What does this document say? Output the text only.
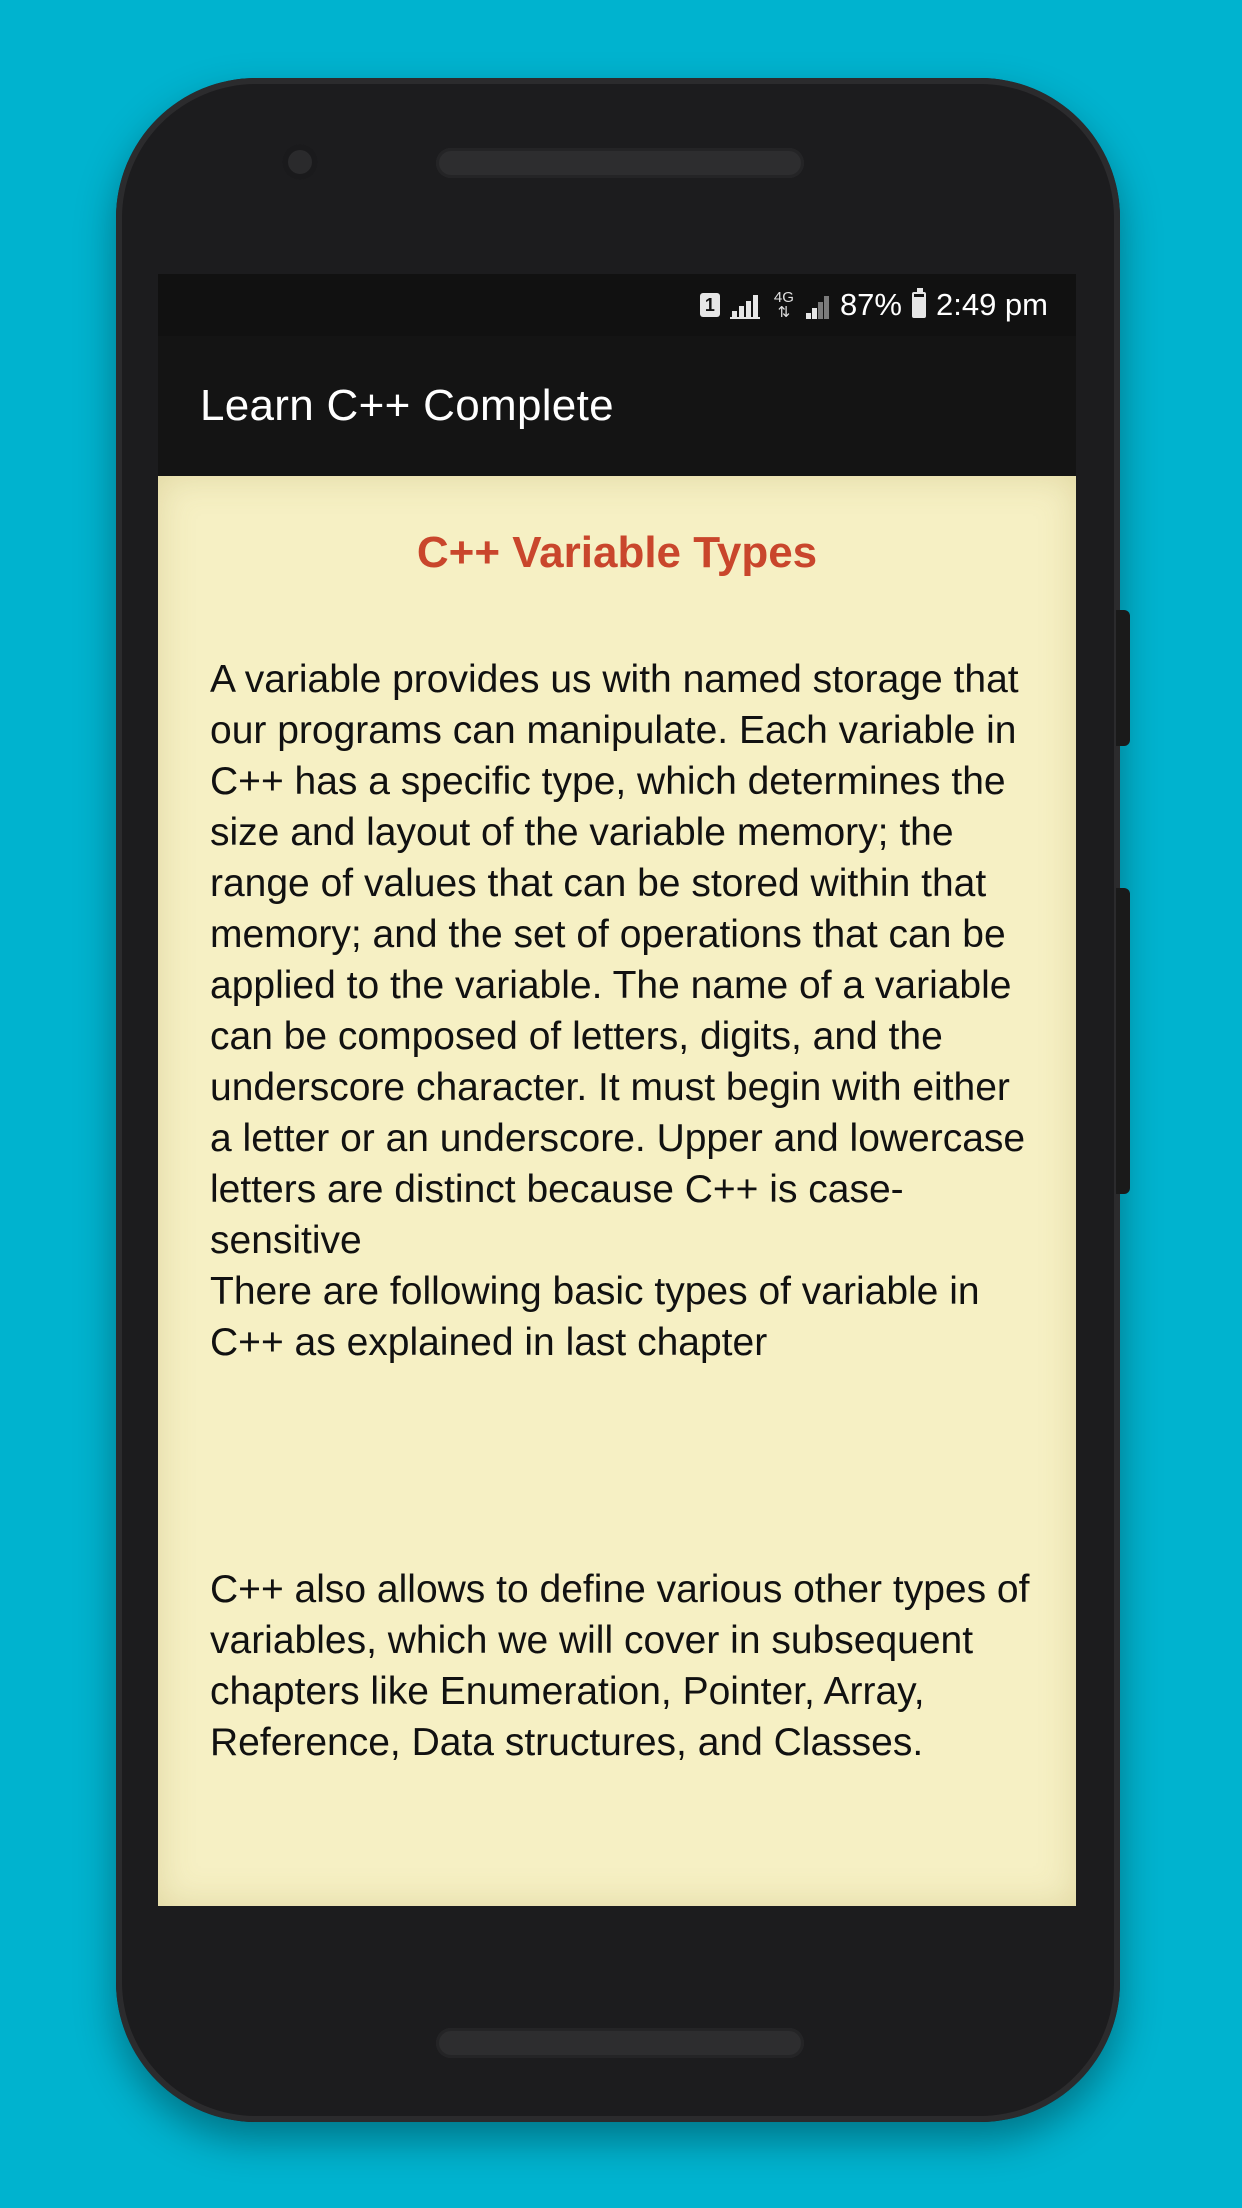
1	4G
⇅ 87% 2:49 pm
Learn C++ Complete
C++ Variable Types

A variable provides us with named storage that our programs can manipulate. Each variable in C++ has a specific type, which determines the size and layout of the variable memory; the range of values that can be stored within that memory; and the set of operations that can be applied to the variable. The name of a variable can be composed of letters, digits, and the underscore character. It must begin with either a letter or an underscore. Upper and lowercase letters are distinct because C++ is case-sensitive
There are following basic types of variable in C++ as explained in last chapter

C++ also allows to define various other types of variables, which we will cover in subsequent chapters like Enumeration, Pointer, Array, Reference, Data structures, and Classes.
